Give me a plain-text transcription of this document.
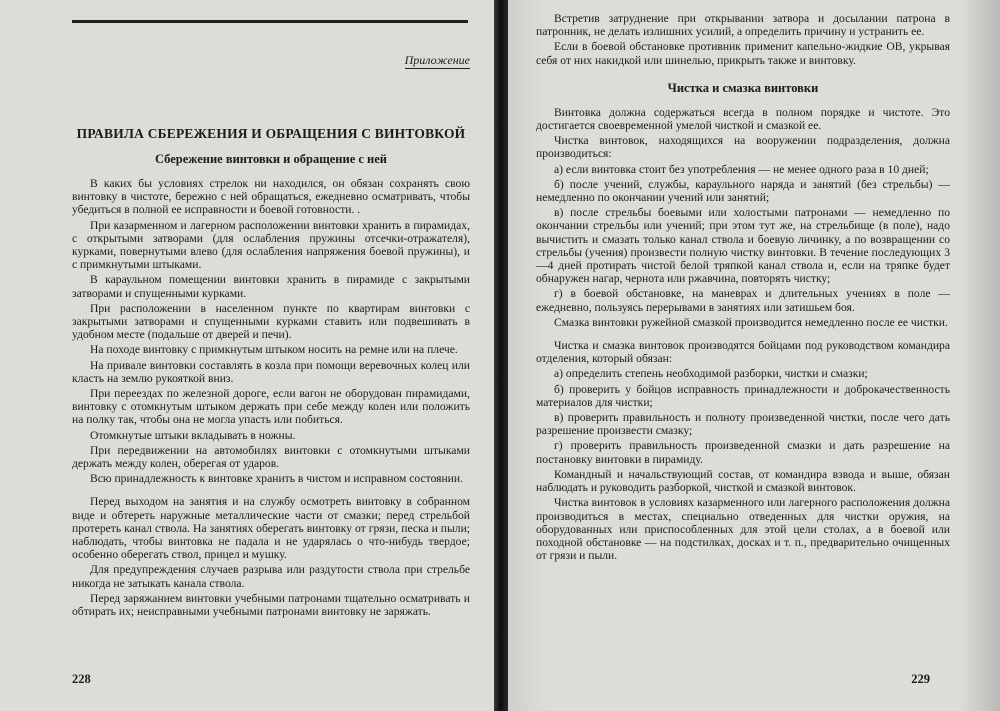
Приложение
ПРАВИЛА СБЕРЕЖЕНИЯ И ОБРАЩЕНИЯ С ВИНТОВКОЙ
Сбережение винтовки и обращение с ней

В каких бы условиях стрелок ни находился, он обязан сохранять свою винтовку в чистоте, бережно с ней обращаться, ежедневно осматривать, чтобы убедиться в полной ее исправности и боевой готовности. .

При казарменном и лагерном расположении винтовки хранить в пирамидах, с открытыми затворами (для ослабления пружины отсечки-отражателя), курками, повернутыми влево (для ослабления напряжения боевой пружины), и с примкнутыми штыками.

В караульном помещении винтовки хранить в пирамиде с закрытыми затворами и спущенными курками.

При расположении в населенном пункте по квартирам винтовки с закрытыми затворами и спущенными курками ставить или подвешивать в удобном месте (подальше от дверей и печи).

На походе винтовку с примкнутым штыком носить на ремне или на плече.

На привале винтовки составлять в козла при помощи веревочных колец или класть на землю рукояткой вниз.

При переездах по железной дороге, если вагон не оборудован пирамидами, винтовку с отомкнутым штыком держать при себе между колен или положить на полку так, чтобы она не могла упасть или побиться.

Отомкнутые штыки вкладывать в ножны.

При передвижении на автомобилях винтовки с отомкнутыми штыками держать между колен, оберегая от ударов.

Всю принадлежность к винтовке хранить в чистом и исправном состоянии.

Перед выходом на занятия и на службу осмотреть винтовку в собранном виде и обтереть наружные металлические части от смазки; перед стрельбой протереть канал ствола. На занятиях оберегать винтовку от грязи, песка и пыли; наблюдать, чтобы винтовка не падала и не ударялась о что-нибудь твердое; особенно оберегать ствол, прицел и мушку.

Для предупреждения случаев разрыва или раздутости ствола при стрельбе никогда не затыкать канала ствола.

Перед заряжанием винтовки учебными патронами тщательно осматривать и обтирать их; неисправными учебными патронами винтовку не заряжать.

228

Встретив затруднение при открывании затвора и досылании патрона в патронник, не делать излишних усилий, а определить причину и устранить ее.

Если в боевой обстановке противник применит капельно-жидкие ОВ, укрывая себя от них накидкой или шинелью, прикрыть также и винтовку.

Чистка и смазка винтовки

Винтовка должна содержаться всегда в полном порядке и чистоте. Это достигается своевременной умелой чисткой и смазкой ее.

Чистка винтовок, находящихся на вооружении подразделения, должна производиться:

а) если винтовка стоит без употребления — не менее одного раза в 10 дней;

б) после учений, службы, караульного наряда и занятий (без стрельбы) — немедленно по окончании учений или занятий;

в) после стрельбы боевыми или холостыми патронами — немедленно по окончании стрельбы или учений; при этом тут же, на стрельбище (в поле), надо вычистить и смазать только канал ствола и боевую личинку, а по возвращении со стрельбы (учения) произвести полную чистку винтовки. В течение последующих 3—4 дней протирать чистой белой тряпкой канал ствола и, если на тряпке будет обнаружен нагар, чернота или ржавчина, повторять чистку;

г) в боевой обстановке, на маневрах и длительных учениях в поле — ежедневно, пользуясь перерывами в занятиях или затишьем боя.

Смазка винтовки ружейной смазкой производится немедленно после ее чистки.

Чистка и смазка винтовок производятся бойцами под руководством командира отделения, который обязан:

а) определить степень необходимой разборки, чистки и смазки;

б) проверить у бойцов исправность принадлежности и доброкачественность материалов для чистки;

в) проверить правильность и полноту произведенной чистки, после чего дать разрешение произвести смазку;

г) проверить правильность произведенной смазки и дать разрешение на постановку винтовки в пирамиду.

Командный и начальствующий состав, от командира взвода и выше, обязан наблюдать и руководить разборкой, чисткой и смазкой винтовок.

Чистка винтовок в условиях казарменного или лагерного расположения должна производиться в местах, специально отведенных для чистки оружия, на оборудованных или приспособленных для этой цели столах, а в боевой или походной обстановке — на подстилках, досках и т. п., предварительно очищенных от грязи и пыли.

229
